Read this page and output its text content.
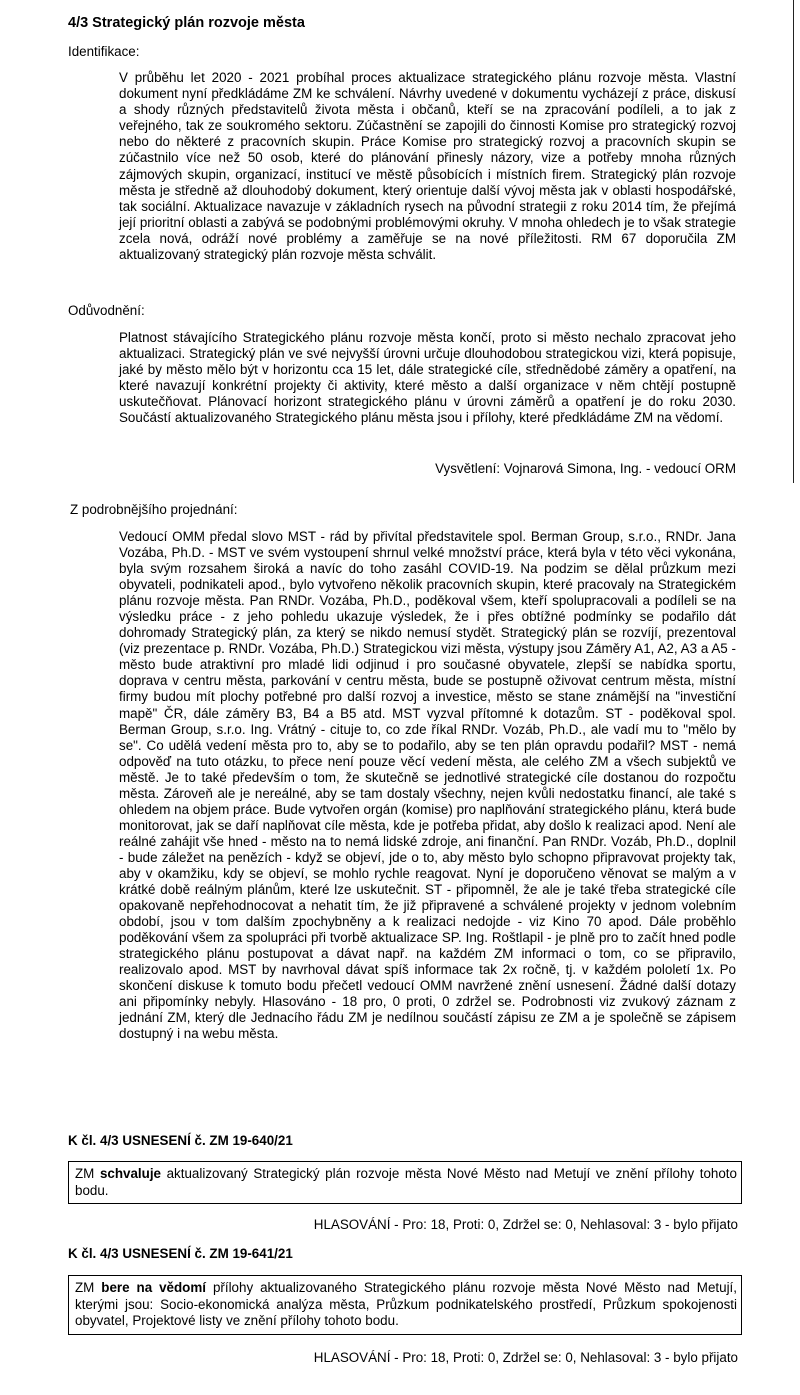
4/3 Strategický plán rozvoje města
Identifikace:
V průběhu let 2020 - 2021 probíhal proces aktualizace strategického plánu rozvoje města. Vlastní dokument nyní předkládáme ZM ke schválení. Návrhy uvedené v dokumentu vycházejí z práce, diskusí a shody různých představitelů života města i občanů, kteří se na zpracování podíleli, a to jak z veřejného, tak ze soukromého sektoru. Zúčastnění se zapojili do činnosti Komise pro strategický rozvoj nebo do některé z pracovních skupin. Práce Komise pro strategický rozvoj a pracovních skupin se zúčastnilo více než 50 osob, které do plánování přinesly názory, vize a potřeby mnoha různých zájmových skupin, organizací, institucí ve městě působících i místních firem. Strategický plán rozvoje města je středně až dlouhodobý dokument, který orientuje další vývoj města jak v oblasti hospodářské, tak sociální. Aktualizace navazuje v základních rysech na původní strategii z roku 2014 tím, že přejímá její prioritní oblasti a zabývá se podobnými problémovými okruhy. V mnoha ohledech je to však strategie zcela nová, odráží nové problémy a zaměřuje se na nové příležitosti. RM 67 doporučila ZM aktualizovaný strategický plán rozvoje města schválit.
Odůvodnění:
Platnost stávajícího Strategického plánu rozvoje města končí, proto si město nechalo zpracovat jeho aktualizaci. Strategický plán ve své nejvyšší úrovni určuje dlouhodobou strategickou vizi, která popisuje, jaké by město mělo být v horizontu cca 15 let, dále strategické cíle, střednědobé záměry a opatření, na které navazují konkrétní projekty či aktivity, které město a další organizace v něm chtějí postupně uskutečňovat. Plánovací horizont strategického plánu v úrovni záměrů a opatření je do roku 2030. Součástí aktualizovaného Strategického plánu města jsou i přílohy, které předkládáme ZM na vědomí.
Vysvětlení: Vojnarová Simona, Ing. - vedoucí ORM
Z podrobnějšího projednání:
Vedoucí OMM předal slovo MST - rád by přivítal představitele spol. Berman Group, s.r.o., RNDr. Jana Vozába, Ph.D. - MST ve svém vystoupení shrnul velké množství práce, která byla v této věci vykonána, byla svým rozsahem široká a navíc do toho zasáhl COVID-19. Na podzim se dělal průzkum mezi obyvateli, podnikateli apod., bylo vytvořeno několik pracovních skupin, které pracovaly na Strategickém plánu rozvoje města. Pan RNDr. Vozába, Ph.D., poděkoval všem, kteří spolupracovali a podíleli se na výsledku práce - z jeho pohledu ukazuje výsledek, že i přes obtížné podmínky se podařilo dát dohromady Strategický plán, za který se nikdo nemusí stydět. Strategický plán se rozvíjí, prezentoval (viz prezentace p. RNDr. Vozába, Ph.D.) Strategickou vizi města, výstupy jsou Záměry A1, A2, A3 a A5 - město bude atraktivní pro mladé lidi odjinud i pro současné obyvatele, zlepší se nabídka sportu, doprava v centru města, parkování v centru města, bude se postupně oživovat centrum města, místní firmy budou mít plochy potřebné pro další rozvoj a investice, město se stane známější na "investiční mapě" ČR, dále záměry B3, B4 a B5 atd. MST vyzval přítomné k dotazům. ST - poděkoval spol. Berman Group, s.r.o. Ing. Vrátný - cituje to, co zde říkal RNDr. Vozáb, Ph.D., ale vadí mu to "mělo by se". Co udělá vedení města pro to, aby se to podařilo, aby se ten plán opravdu podařil? MST - nemá odpověď na tuto otázku, to přece není pouze věcí vedení města, ale celého ZM a všech subjektů ve městě. Je to také především o tom, že skutečně se jednotlivé strategické cíle dostanou do rozpočtu města. Zároveň ale je nereálné, aby se tam dostaly všechny, nejen kvůli nedostatku financí, ale také s ohledem na objem práce. Bude vytvořen orgán (komise) pro naplňování strategického plánu, která bude monitorovat, jak se daří naplňovat cíle města, kde je potřeba přidat, aby došlo k realizaci apod. Není ale reálné zahájit vše hned - město na to nemá lidské zdroje, ani finanční. Pan RNDr. Vozáb, Ph.D., doplnil - bude záležet na penězích - když se objeví, jde o to, aby město bylo schopno připravovat projekty tak, aby v okamžiku, kdy se objeví, se mohlo rychle reagovat. Nyní je doporučeno věnovat se malým a v krátké době reálným plánům, které lze uskutečnit. ST - připomněl, že ale je také třeba strategické cíle opakovaně nepřehodnocovat a nehatit tím, že již připravené a schválené projekty v jednom volebním období, jsou v tom dalším zpochybněny a k realizaci nedojde - viz Kino 70 apod. Dále proběhlo poděkování všem za spolupráci při tvorbě aktualizace SP. Ing. Roštlapil - je plně pro to začít hned podle strategického plánu postupovat a dávat např. na každém ZM informaci o tom, co se připravilo, realizovalo apod. MST by navrhoval dávat spíš informace tak 2x ročně, tj. v každém pololetí 1x. Po skončení diskuse k tomuto bodu přečetl vedoucí OMM navržené znění usnesení. Žádné další dotazy ani připomínky nebyly. Hlasováno - 18 pro, 0 proti, 0 zdržel se. Podrobnosti viz zvukový záznam z jednání ZM, který dle Jednacího řádu ZM je nedílnou součástí zápisu ze ZM a je společně se zápisem dostupný i na webu města.
K čl. 4/3 USNESENÍ č. ZM 19-640/21
ZM schvaluje aktualizovaný Strategický plán rozvoje města Nové Město nad Metují ve znění přílohy tohoto bodu.
HLASOVÁNÍ - Pro: 18, Proti: 0, Zdržel se: 0, Nehlasoval: 3 - bylo přijato
K čl. 4/3 USNESENÍ č. ZM 19-641/21
ZM bere na vědomí přílohy aktualizovaného Strategického plánu rozvoje města Nové Město nad Metují, kterými jsou: Socio-ekonomická analýza města, Průzkum podnikatelského prostředí, Průzkum spokojenosti obyvatel, Projektové listy ve znění přílohy tohoto bodu.
HLASOVÁNÍ - Pro: 18, Proti: 0, Zdržel se: 0, Nehlasoval: 3 - bylo přijato
